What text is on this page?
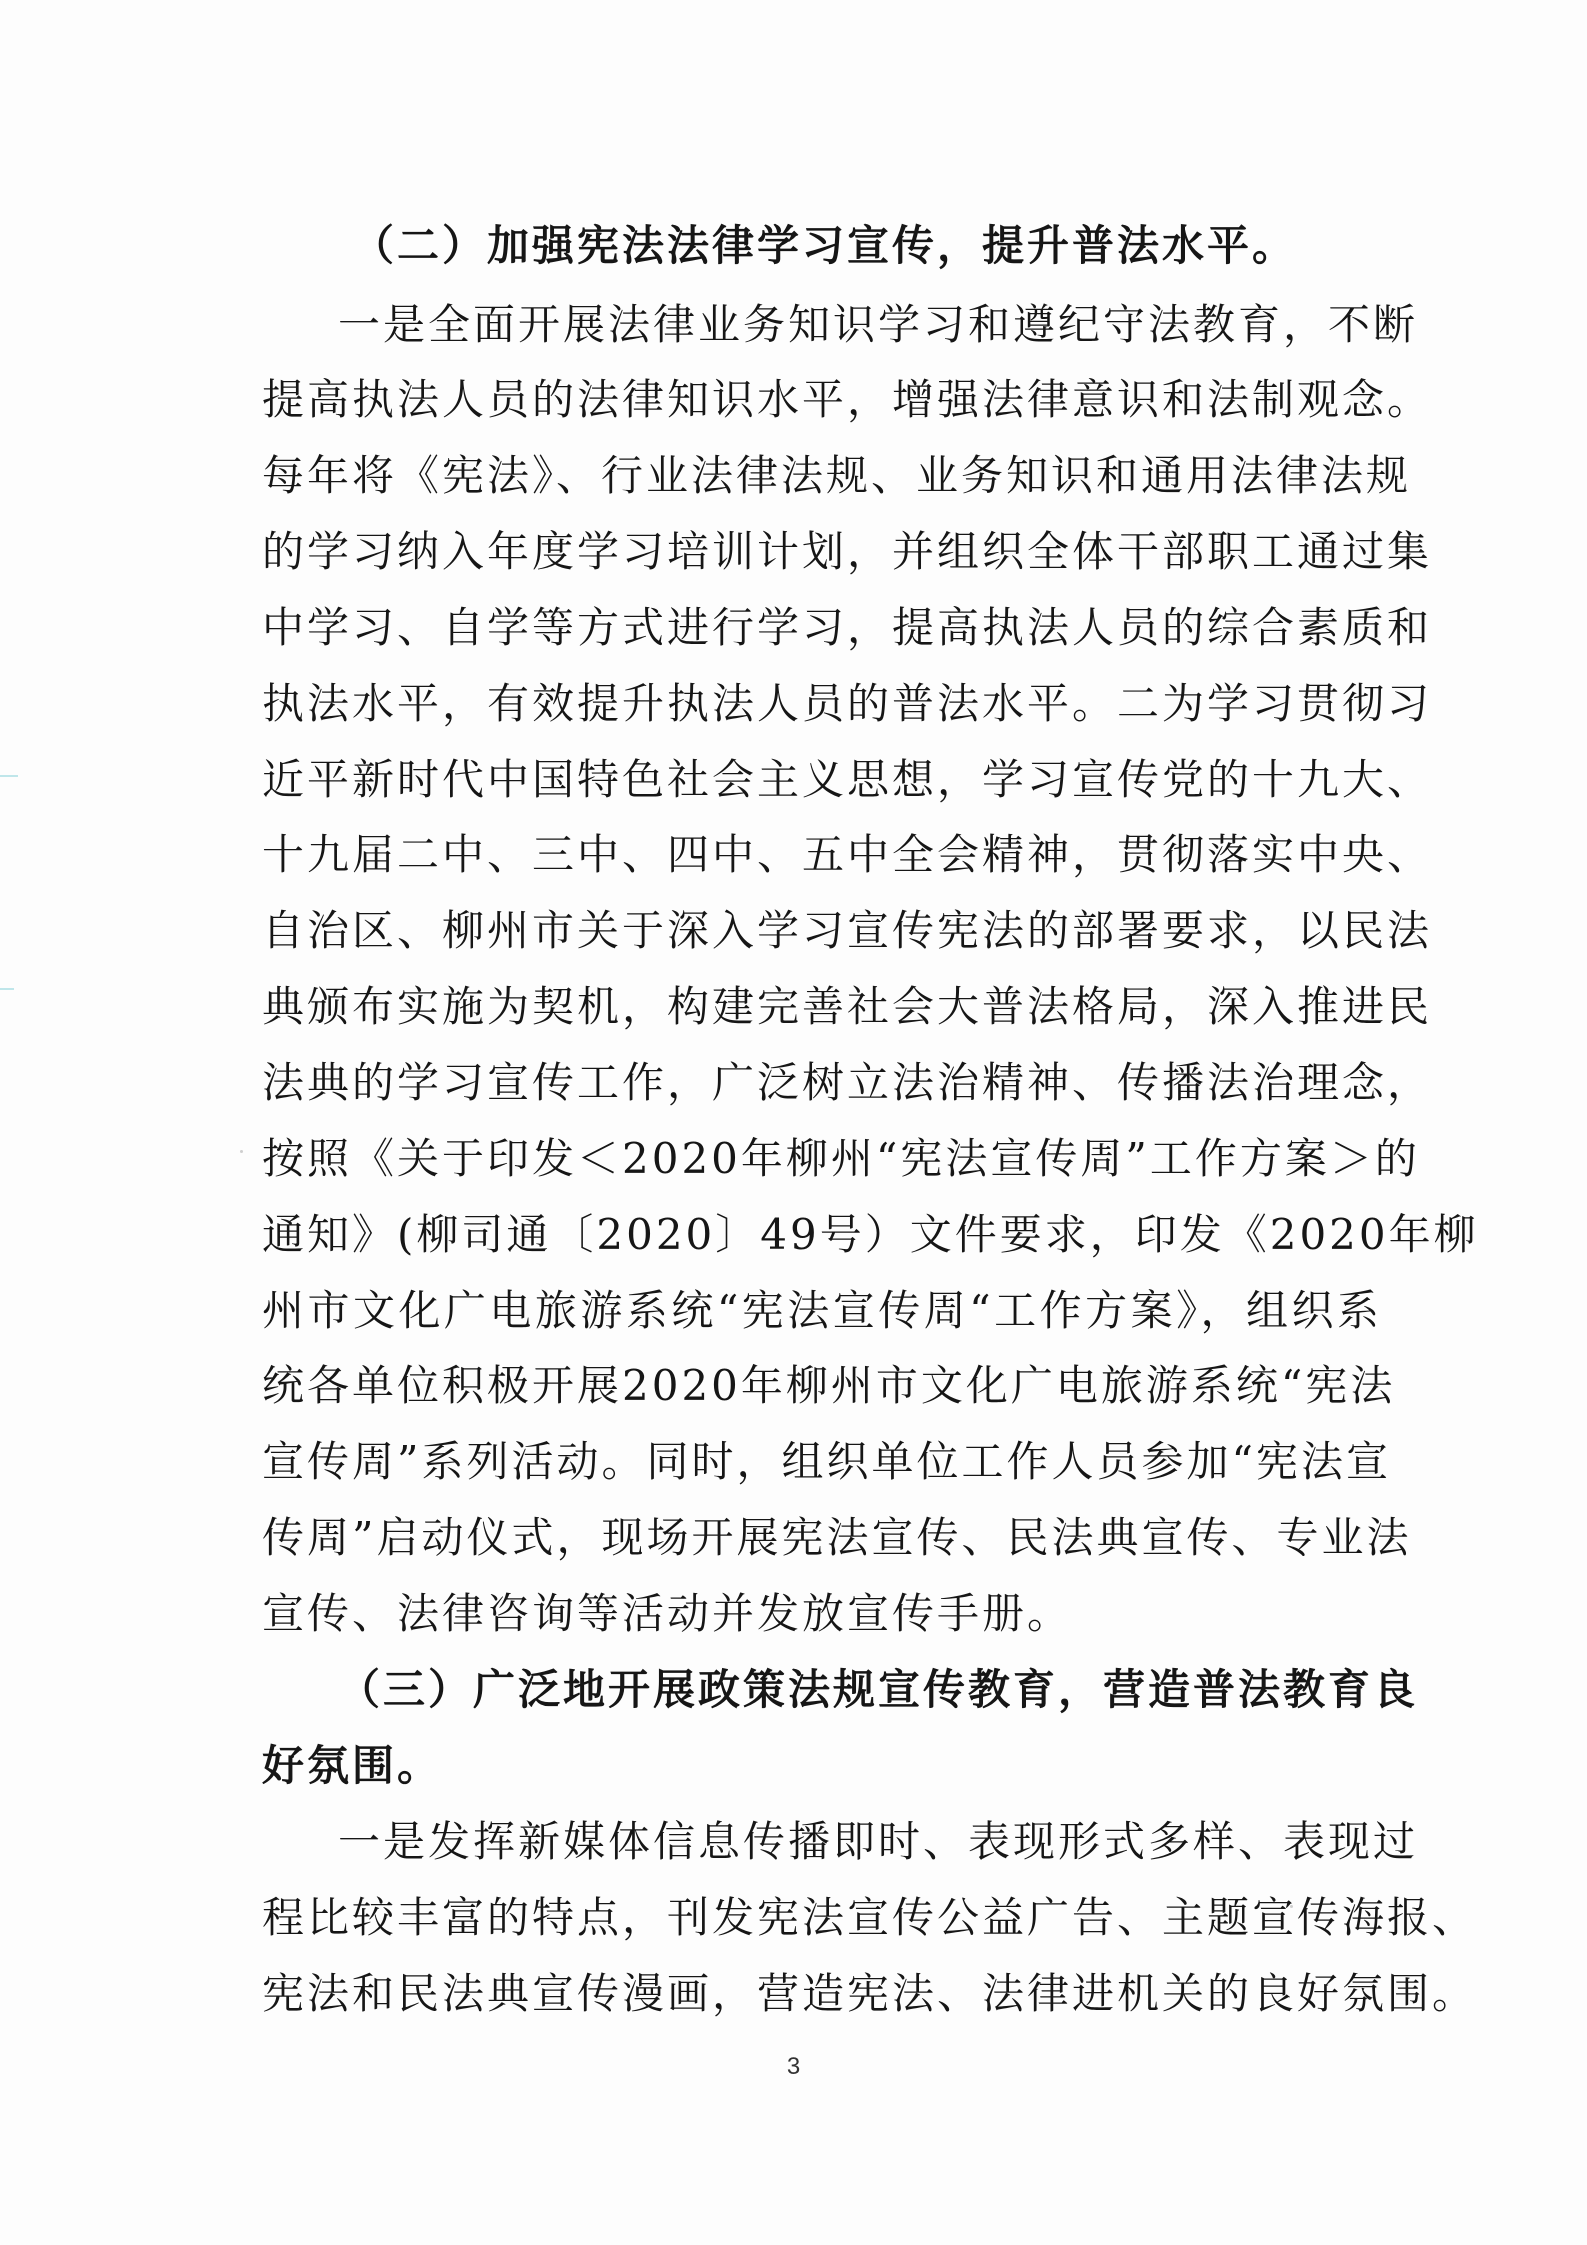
（二）加强宪法法律学习宣传，提升普法水平。
一是全面开展法律业务知识学习和遵纪守法教育，不断
提高执法人员的法律知识水平，增强法律意识和法制观念。
每年将《宪法》、行业法律法规、业务知识和通用法律法规
的学习纳入年度学习培训计划，并组织全体干部职工通过集
中学习、自学等方式进行学习，提高执法人员的综合素质和
执法水平，有效提升执法人员的普法水平。二为学习贯彻习
近平新时代中国特色社会主义思想，学习宣传党的十九大、
十九届二中、三中、四中、五中全会精神，贯彻落实中央、
自治区、柳州市关于深入学习宣传宪法的部署要求，以民法
典颁布实施为契机，构建完善社会大普法格局，深入推进民
法典的学习宣传工作，广泛树立法治精神、传播法治理念，
按照《关于印发＜2020年柳州“宪法宣传周”工作方案＞的
通知》(柳司通〔2020〕49号）文件要求，印发《2020年柳
州市文化广电旅游系统“宪法宣传周“工作方案》，组织系
统各单位积极开展2020年柳州市文化广电旅游系统“宪法
宣传周”系列活动。同时，组织单位工作人员参加“宪法宣
传周”启动仪式，现场开展宪法宣传、民法典宣传、专业法
宣传、法律咨询等活动并发放宣传手册。
（三）广泛地开展政策法规宣传教育，营造普法教育良
好氛围。
一是发挥新媒体信息传播即时、表现形式多样、表现过
程比较丰富的特点，刊发宪法宣传公益广告、主题宣传海报、
宪法和民法典宣传漫画，营造宪法、法律进机关的良好氛围。
3
